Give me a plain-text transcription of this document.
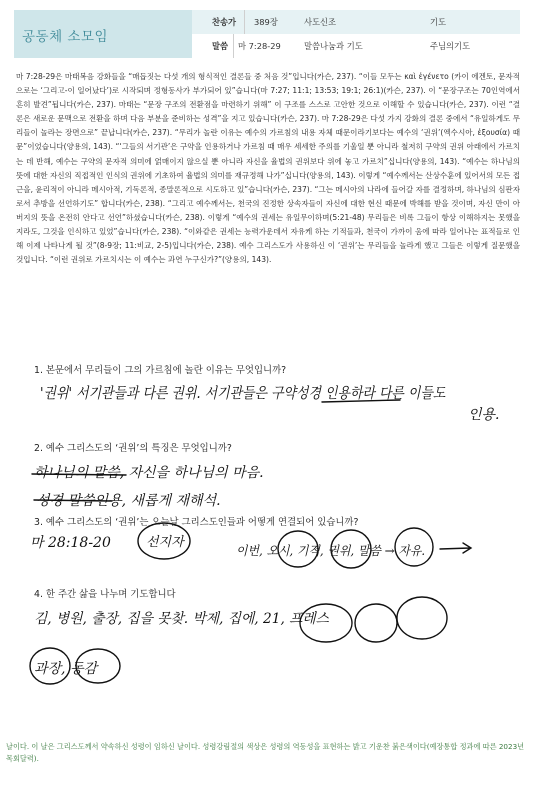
공동체 소모임
찬송가 389장	사도신조	기도
말씀 마 7:28-29	말씀나눔과 기도	주님의기도
마 7:28-29은 마태복음 강화들을 “매듭짓는 다섯 개의 형식적인 결론들 중 처음 것”입니다(카슨, 237). “이들 모두는 καὶ ἐγένετο (카이 에겐토, 문자적으로는 ‘그리고-이 일어났다’)로 시작되며 정형동사가 부가되어 있”습니다(마 7:27; 11:1; 13:53; 19:1; 26:1)(카슨, 237). 이 “문장구조는 70인역에서 흔히 발견”됩니다(카슨, 237). 마태는 “문장 구조의 전환점을 마련하기 위해” 이 구조를 스스로 고안한 것으로 이해할 수 있습니다(카슨, 237). 이런 “결론은 새로운 문맥으로 전환을 하며 다음 부분을 준비하는 성격”을 지고 있습니다(카슨, 237). 마 7:28-29은 다섯 가지 강화의 결론 중에서 “유일하게도 무리들이 놀라는 장면으로” 끝납니다(카슨, 237). “무리가 놀란 이유는 예수의 가르침의 내용 자체 때문이라기보다는 예수의 ‘권위’(엑수시아, ἐξουσία) 때문”이었습니다(양용의, 143). “‘그들의 서기관’은 구약을 인용하거나 가르침 때 매우 세세한 주의를 기울일 뿐 아니라 철저히 구약의 권위 아래에서 가르치는 데 반해, 예수는 구약의 문자적 의미에 얽매이지 않으실 뿐 아니라 자신을 율법의 권위보다 위에 놓고 가르치”십니다(양용의, 143). “예수는 하나님의 뜻에 대한 자신의 직접적인 인식의 권위에 기초하여 율법의 의미를 재규정해 나가”십니다(양용의, 143). 이렇게 “예수께서는 산상수훈에 있어서의 모든 접근을, 윤리적이 아니라 메시아적, 기독론적, 종말론적으로 시도하고 있”습니다(카슨, 237). “그는 메시아의 나라에 들어갈 자를 결정하며, 하나님의 심판자로서 추방을 선언하기도” 합니다(카슨, 238). “그리고 예수께서는, 천국의 진정한 상속자들이 자신에 대한 현신 때문에 박해를 받을 것이며, 자신 만이 아버지의 뜻을 온전히 안다고 선언”하셨습니다(카슨, 238). 이렇게 “예수의 권세는 유일무이하며(5:21-48) 무리들은 비록 그들이 항상 이해하지는 못했을지라도, 그것을 인식하고 있었”습니다(카슨, 238). “이와같은 권세는 능력가운데서 자유케 하는 기적들과, 천국이 가까이 옴에 따라 일어나는 표적들로 인해 이제 나타나게 될 것”(8-9장; 11:비교, 2-5)입니다(카슨, 238). 예수 그리스도가 사용하신 이 ‘권위’는 무리들을 놀라게 했고 그들은 이렇게 질문했을 것입니다. “이런 권위로 가르치시는 이 예수는 과연 누구신가?”(양용의, 143).
1. 본문에서 무리들이 그의 가르침에 놀란 이유는 무엇입니까?
2. 예수 그리스도의 ‘권위’의 특징은 무엇입니까?
3. 예수 그리스도의 ‘권위’는 오늘날 그리스도인들과 어떻게 연결되어 있습니까?
4. 한 주간 삶을 나누며 기도합니다
'권위' 서기관들과 다른 권위. 서기관들은 구약성경 인용하라 다른 이들도
인용.
하나님의 말씀, 자신을 하나님의 마음.
성경 말씀인용, 새롭게 재해석.
마 28:18-20	선지자
이번, 오시, 기적, 권위, 말씀 → 자유.
김, 병원, 출장, 집을 못찾. 박제, 집에, 21, 프레스
과장, 동감
날이다. 이 날은 그리스도께서 약속하신 성령이 임하신 날이다. 성령강림절의 색상은 성령의 역동성을 표현하는 밝고 기운찬 붉은색이다(예장통합 정과에 따른 2023년 목회달력).
